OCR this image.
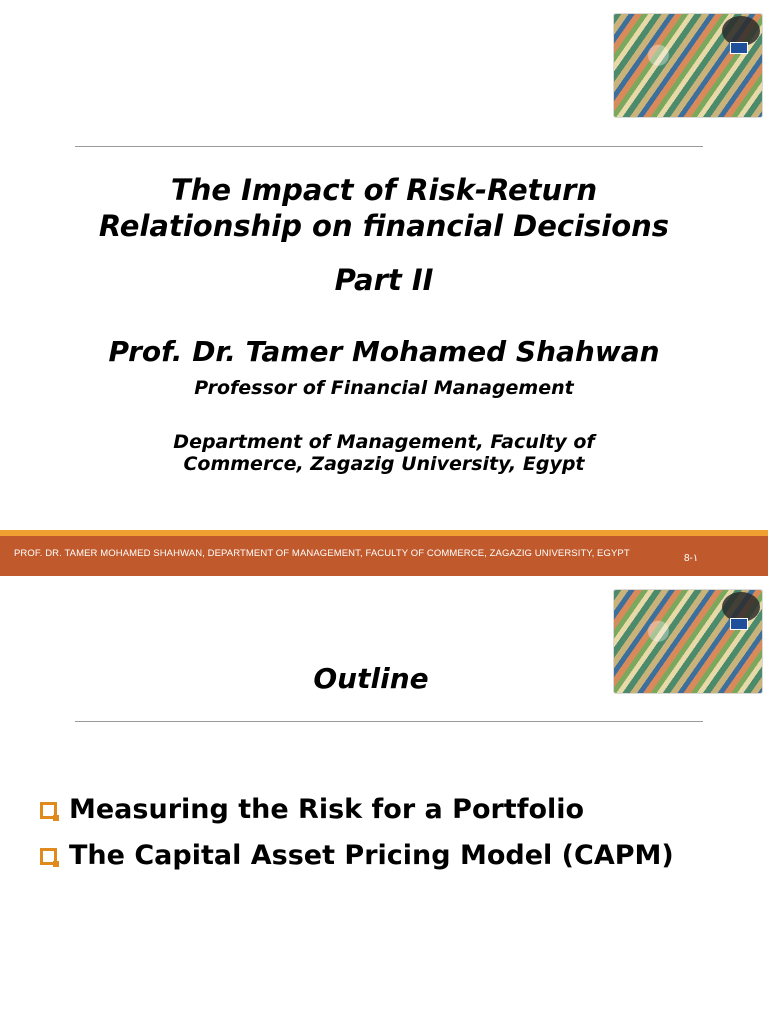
The Impact of Risk-Return
Relationship on financial Decisions
Part II
Prof. Dr. Tamer Mohamed Shahwan
Professor of Financial Management
Department of Management, Faculty of
Commerce, Zagazig University, Egypt
PROF. DR. TAMER MOHAMED SHAHWAN, DEPARTMENT OF MANAGEMENT, FACULTY OF COMMERCE, ZAGAZIG UNIVERSITY, EGYPT	8-١
Outline
Measuring the Risk for a Portfolio
The Capital Asset Pricing Model (CAPM)
